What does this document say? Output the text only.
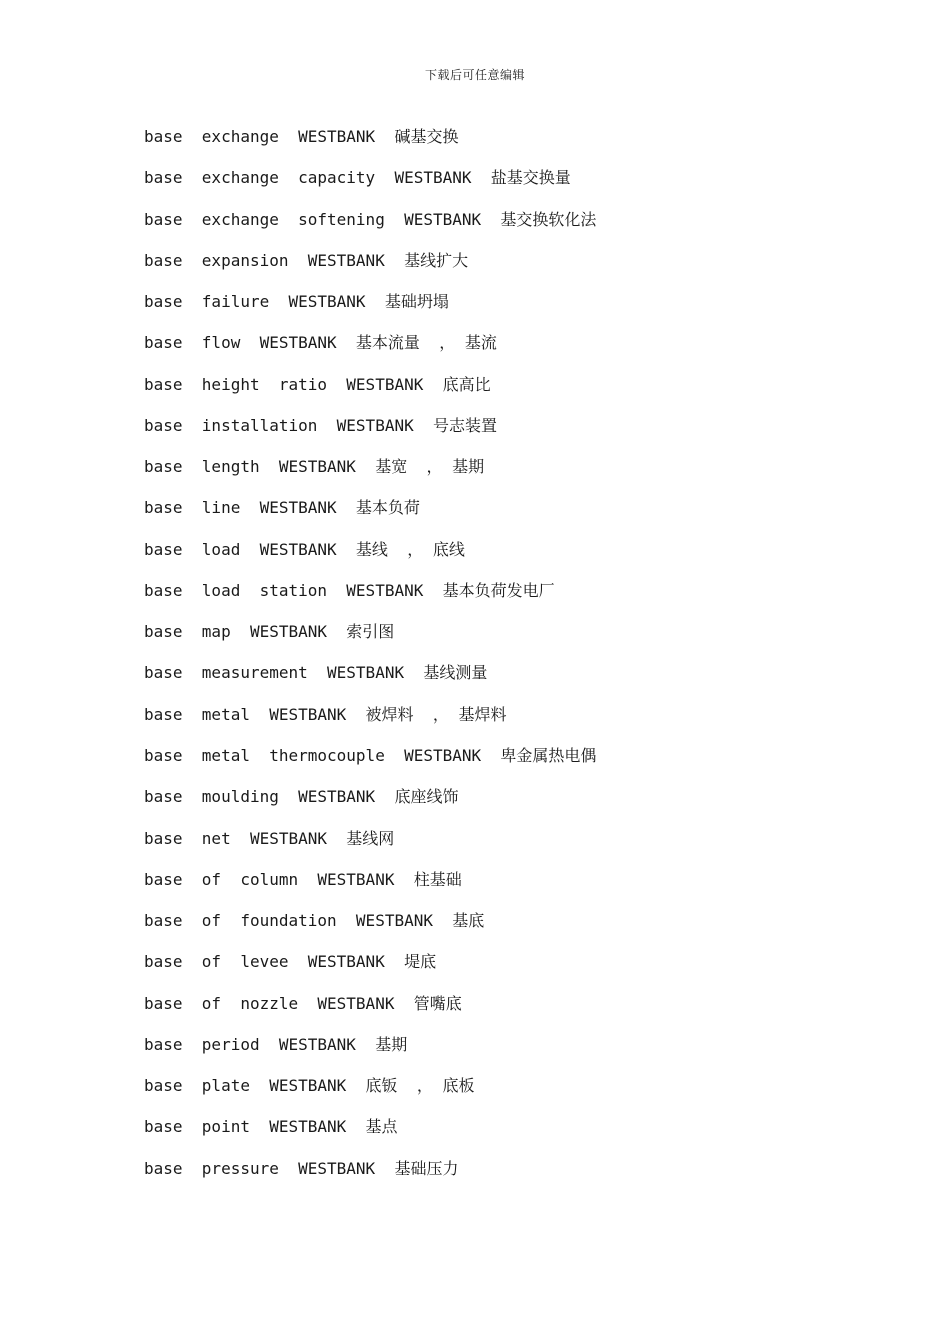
下载后可任意编辑
base  exchange  WESTBANK  碱基交换
base  exchange  capacity  WESTBANK  盐基交换量
base  exchange  softening  WESTBANK  基交换软化法
base  expansion  WESTBANK  基线扩大
base  failure  WESTBANK  基础坍塌
base  flow  WESTBANK  基本流量  ， 基流
base  height  ratio  WESTBANK  底高比
base  installation  WESTBANK  号志装置
base  length  WESTBANK  基宽  ， 基期
base  line  WESTBANK  基本负荷
base  load  WESTBANK  基线  ， 底线
base  load  station  WESTBANK  基本负荷发电厂
base  map  WESTBANK  索引图
base  measurement  WESTBANK  基线测量
base  metal  WESTBANK  被焊料  ， 基焊料
base  metal  thermocouple  WESTBANK  卑金属热电偶
base  moulding  WESTBANK  底座线饰
base  net  WESTBANK  基线网
base  of  column  WESTBANK  柱基础
base  of  foundation  WESTBANK  基底
base  of  levee  WESTBANK  堤底
base  of  nozzle  WESTBANK  管嘴底
base  period  WESTBANK  基期
base  plate  WESTBANK  底钣  ， 底板
base  point  WESTBANK  基点
base  pressure  WESTBANK  基础压力
